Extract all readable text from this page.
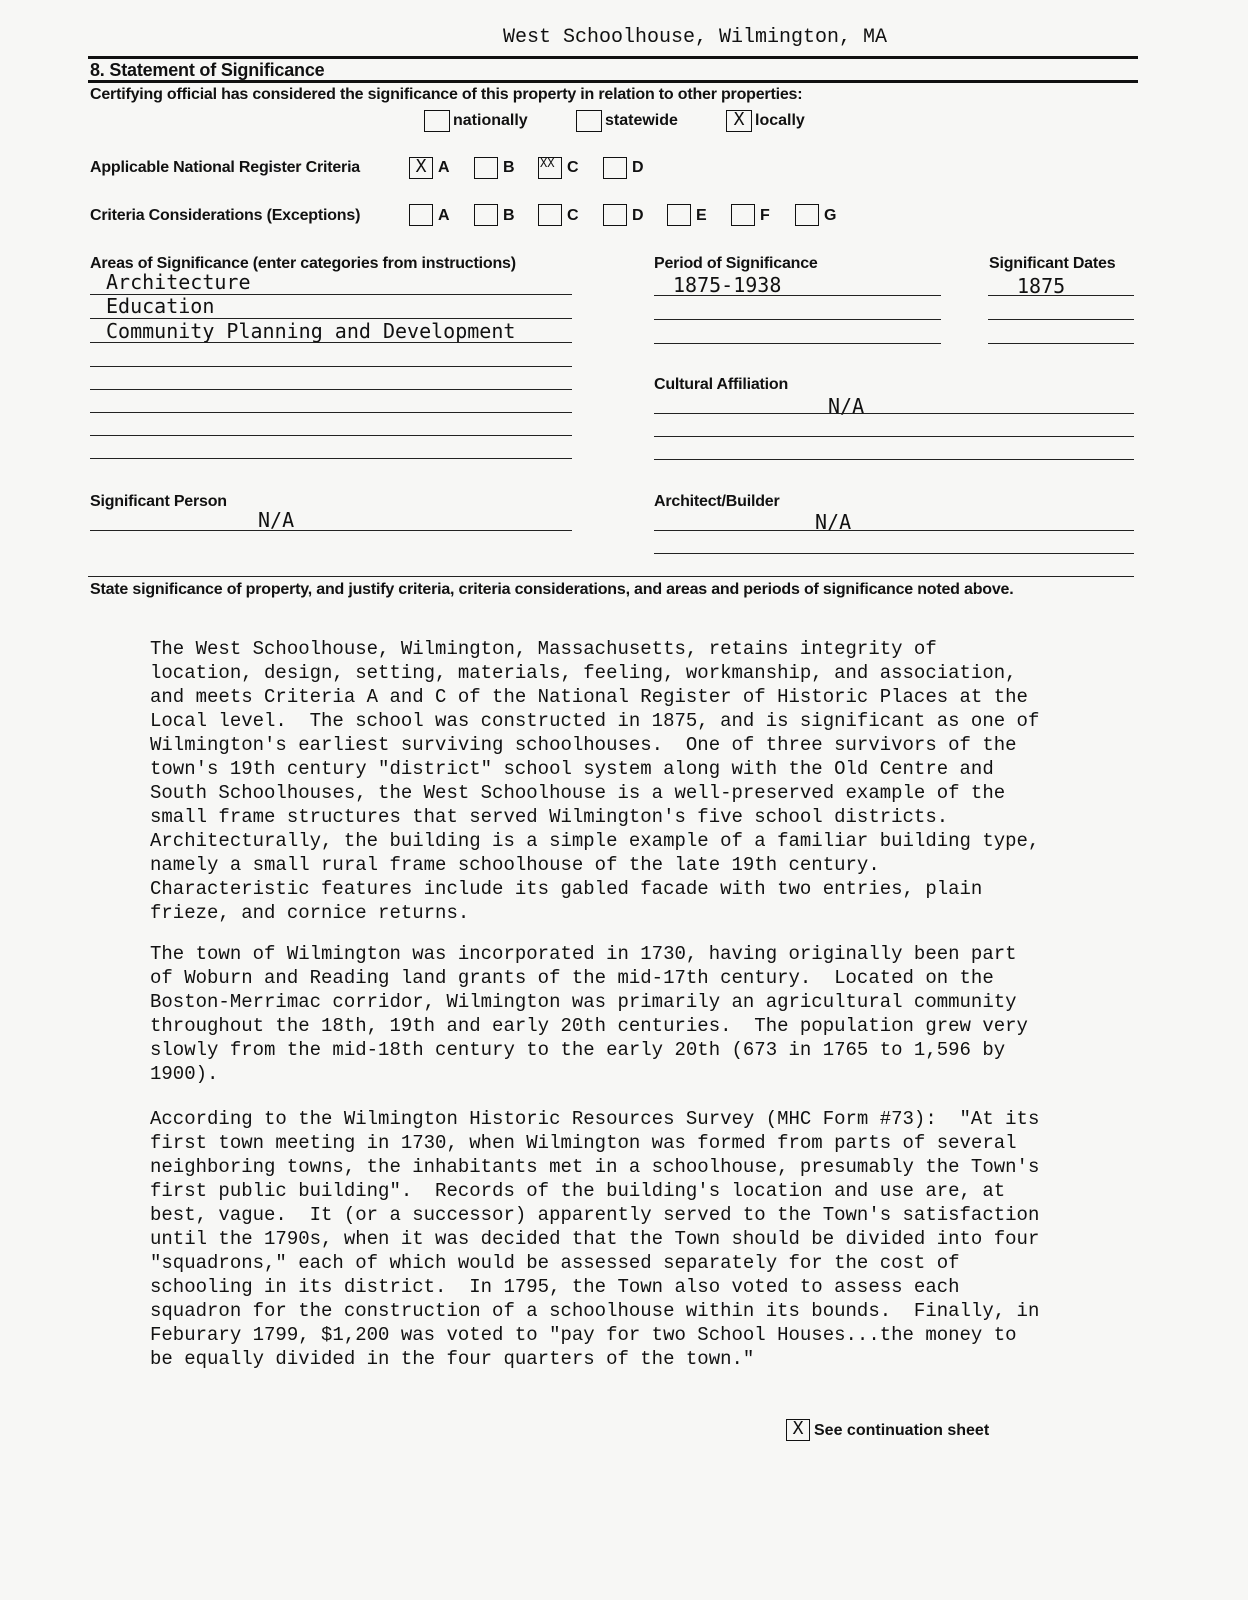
West Schoolhouse, Wilmington, MA
8. Statement of Significance
Certifying official has considered the significance of this property in relation to other properties:
nationally	statewide	X locally
Applicable National Register Criteria	X A	B XX C	D
Criteria Considerations (Exceptions)	A	B	C	D	E	F	G
Areas of Significance (enter categories from instructions)
Architecture
Education
Community Planning and Development
Period of Significance
1875-1938
Significant Dates
1875
Cultural Affiliation
N/A
Significant Person
N/A
Architect/Builder
N/A
State significance of property, and justify criteria, criteria considerations, and areas and periods of significance noted above.
The West Schoolhouse, Wilmington, Massachusetts, retains integrity of
location, design, setting, materials, feeling, workmanship, and association,
and meets Criteria A and C of the National Register of Historic Places at the
Local level.  The school was constructed in 1875, and is significant as one of
Wilmington's earliest surviving schoolhouses.  One of three survivors of the
town's 19th century "district" school system along with the Old Centre and
South Schoolhouses, the West Schoolhouse is a well-preserved example of the
small frame structures that served Wilmington's five school districts.
Architecturally, the building is a simple example of a familiar building type,
namely a small rural frame schoolhouse of the late 19th century.
Characteristic features include its gabled facade with two entries, plain
frieze, and cornice returns.
The town of Wilmington was incorporated in 1730, having originally been part
of Woburn and Reading land grants of the mid-17th century.  Located on the
Boston-Merrimac corridor, Wilmington was primarily an agricultural community
throughout the 18th, 19th and early 20th centuries.  The population grew very
slowly from the mid-18th century to the early 20th (673 in 1765 to 1,596 by
1900).
According to the Wilmington Historic Resources Survey (MHC Form #73):  "At its
first town meeting in 1730, when Wilmington was formed from parts of several
neighboring towns, the inhabitants met in a schoolhouse, presumably the Town's
first public building".  Records of the building's location and use are, at
best, vague.  It (or a successor) apparently served to the Town's satisfaction
until the 1790s, when it was decided that the Town should be divided into four
"squadrons," each of which would be assessed separately for the cost of
schooling in its district.  In 1795, the Town also voted to assess each
squadron for the construction of a schoolhouse within its bounds.  Finally, in
Feburary 1799, $1,200 was voted to "pay for two School Houses...the money to
be equally divided in the four quarters of the town."
X See continuation sheet
